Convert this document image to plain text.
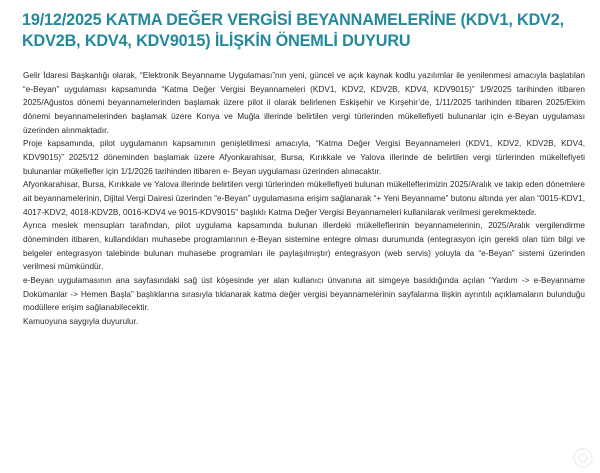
19/12/2025 KATMA DEĞER VERGİSİ BEYANNAMELERİNE (KDV1, KDV2, KDV2B, KDV4, KDV9015) İLİŞKİN ÖNEMLİ DUYURU

Gelir İdaresi Başkanlığı olarak, “Elektronik Beyanname Uygulaması”nın yeni, güncel ve açık kaynak kodlu yazılımlar ile yenilenmesi amacıyla başlatılan “e-Beyan” uygulaması kapsamında “Katma Değer Vergisi Beyannameleri (KDV1, KDV2, KDV2B, KDV4, KDV9015)” 1/9/2025 tarihinden itibaren 2025/Ağustos dönemi beyannamelerinden başlamak üzere pilot il olarak belirlenen Eskişehir ve Kırşehir’de, 1/11/2025 tarihinden itibaren 2025/Ekim dönemi beyannamelerinden başlamak üzere Konya ve Muğla illerinde belirtilen vergi türlerinden mükellefiyeti bulunanlar için e-Beyan uygulaması üzerinden alınmaktadır.

Proje kapsamında, pilot uygulamanın kapsamının genişletilmesi amacıyla, “Katma Değer Vergisi Beyannameleri (KDV1, KDV2, KDV2B, KDV4, KDV9015)” 2025/12 döneminden başlamak üzere Afyonkarahisar, Bursa, Kırıkkale ve Yalova illerinde de belirtilen vergi türlerinden mükellefiyeti bulunanlar mükellefler için 1/1/2026 tarihinden itibaren e- Beyan uygulaması üzerinden alınacaktır.

Afyonkarahisar, Bursa, Kırıkkale ve Yalova illerinde belirtilen vergi türlerinden mükellefiyeti bulunan mükelleflerimizin 2025/Aralık ve takip eden dönemlere ait beyannamelerinin, Dijital Vergi Dairesi üzerinden “e-Beyan” uygulamasına erişim sağlanarak “+ Yeni Beyanname” butonu altında yer alan “0015-KDV1, 4017-KDV2, 4018-KDV2B, 0016-KDV4 ve 9015-KDV9015” başlıklı Katma Değer Vergisi Beyannameleri kullanılarak verilmesi gerekmektedir.

Ayrıca meslek mensupları tarafından, pilot uygulama kapsamında bulunan illerdeki mükelleflerinin beyannamelerinin, 2025/Aralık vergilendirme döneminden itibaren, kullandıkları muhasebe programlarının e-Beyan sistemine entegre olması durumunda (entegrasyon için gerekli olan tüm bilgi ve belgeler entegrasyon talebinde bulunan muhasebe programları ile paylaşılmıştır) entegrasyon (web servis) yoluyla da “e-Beyan” sistemi üzerinden verilmesi mümkündür.

e-Beyan uygulamasının ana sayfasındaki sağ üst köşesinde yer alan kullanıcı ünvanına ait simgeye basıldığında açılan “Yardım -> e-Beyanname Dokümanlar -> Hemen Başla” başlıklarına sırasıyla tıklanarak katma değer vergisi beyannamelerinin sayfalarına ilişkin ayrıntılı açıklamaların bulunduğu modüllere erişim sağlanabilecektir.

Kamuoyuna saygıyla duyurulur.
